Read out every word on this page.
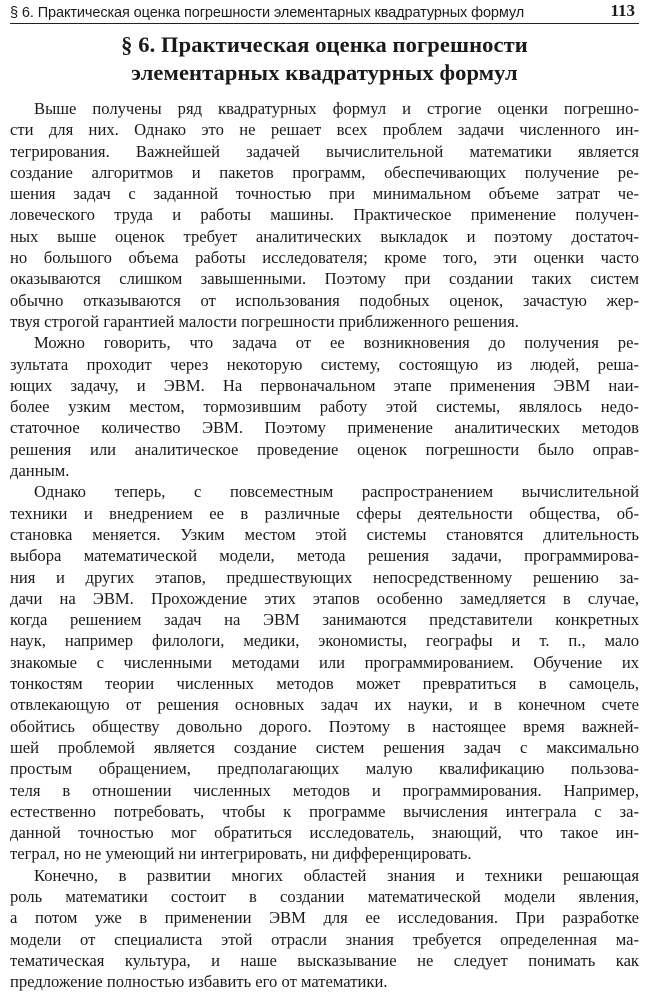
§ 6. Практическая оценка погрешности элементарных квадратурных формул	113
§ 6. Практическая оценка погрешности
элементарных квадратурных формул
Выше получены ряд квадратурных формул и строгие оценки погрешно-
сти для них. Однако это не решает всех проблем задачи численного ин-
тегрирования. Важнейшей задачей вычислительной математики является
создание алгоритмов и пакетов программ, обеспечивающих получение ре-
шения задач с заданной точностью при минимальном объеме затрат че-
ловеческого труда и работы машины. Практическое применение получен-
ных выше оценок требует аналитических выкладок и поэтому достаточ-
но большого объема работы исследователя; кроме того, эти оценки часто
оказываются слишком завышенными. Поэтому при создании таких систем
обычно отказываются от использования подобных оценок, зачастую жер-
твуя строгой гарантией малости погрешности приближенного решения.
Можно говорить, что задача от ее возникновения до получения ре-
зультата проходит через некоторую систему, состоящую из людей, реша-
ющих задачу, и ЭВМ. На первоначальном этапе применения ЭВМ наи-
более узким местом, тормозившим работу этой системы, являлось недо-
статочное количество ЭВМ. Поэтому применение аналитических методов
решения или аналитическое проведение оценок погрешности было оправ-
данным.
Однако теперь, с повсеместным распространением вычислительной
техники и внедрением ее в различные сферы деятельности общества, об-
становка меняется. Узким местом этой системы становятся длительность
выбора математической модели, метода решения задачи, программирова-
ния и других этапов, предшествующих непосредственному решению за-
дачи на ЭВМ. Прохождение этих этапов особенно замедляется в случае,
когда решением задач на ЭВМ занимаются представители конкретных
наук, например филологи, медики, экономисты, географы и т. п., мало
знакомые с численными методами или программированием. Обучение их
тонкостям теории численных методов может превратиться в самоцель,
отвлекающую от решения основных задач их науки, и в конечном счете
обойтись обществу довольно дорого. Поэтому в настоящее время важней-
шей проблемой является создание систем решения задач с максимально
простым обращением, предполагающих малую квалификацию пользова-
теля в отношении численных методов и программирования. Например,
естественно потребовать, чтобы к программе вычисления интеграла с за-
данной точностью мог обратиться исследователь, знающий, что такое ин-
теграл, но не умеющий ни интегрировать, ни дифференцировать.
Конечно, в развитии многих областей знания и техники решающая
роль математики состоит в создании математической модели явления,
а потом уже в применении ЭВМ для ее исследования. При разработке
модели от специалиста этой отрасли знания требуется определенная ма-
тематическая культура, и наше высказывание не следует понимать как
предложение полностью избавить его от математики.
